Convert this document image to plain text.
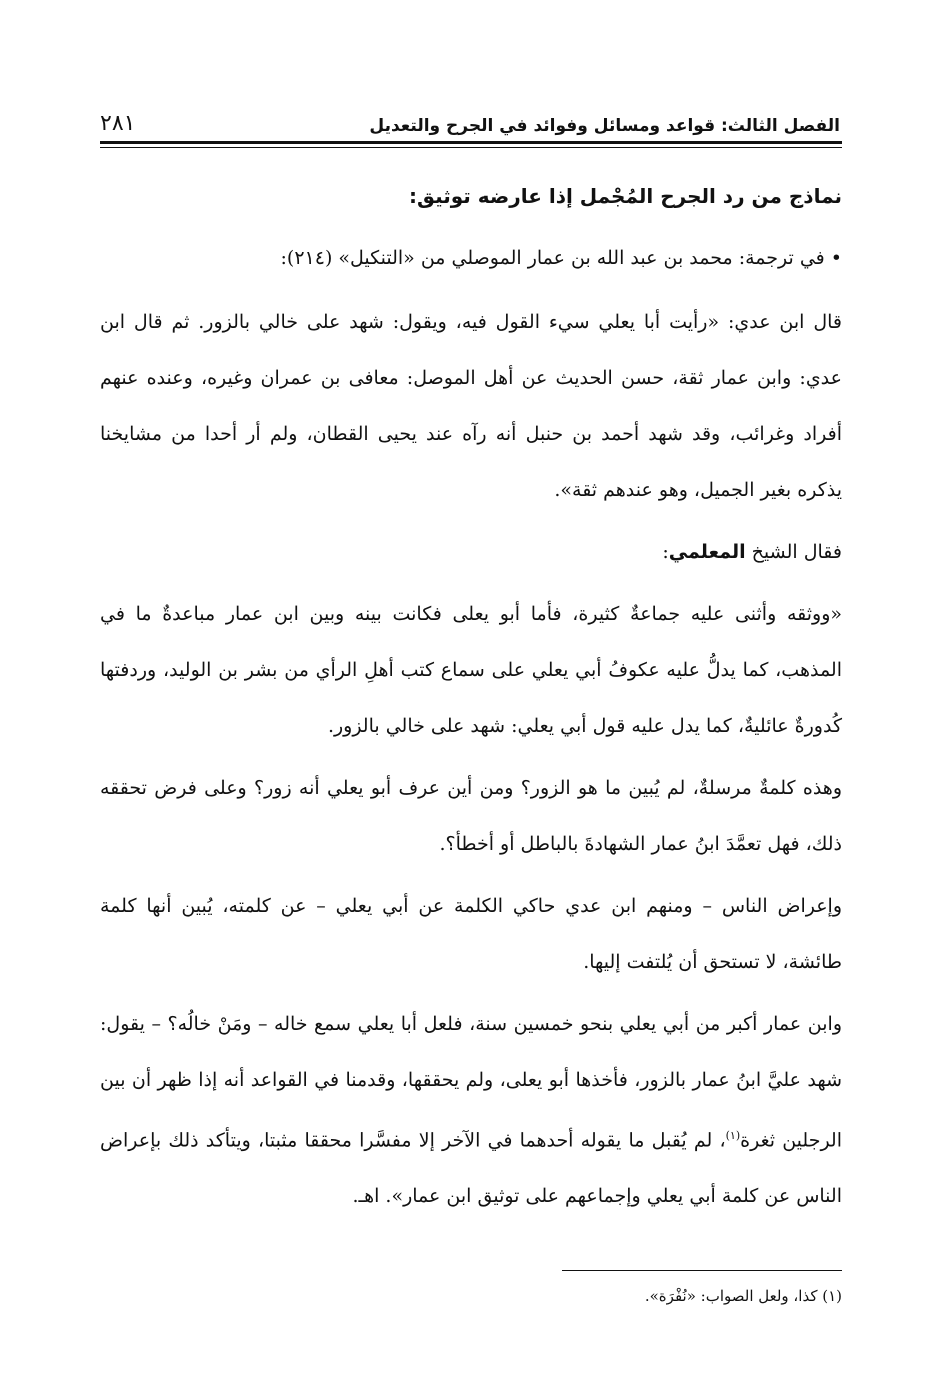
الفصل الثالث: قواعد ومسائل وفوائد في الجرح والتعديل
٢٨١
نماذج من رد الجرح المُجْمل إذا عارضه توثيق:

• في ترجمة: محمد بن عبد الله بن عمار الموصلي من «التنكيل» (٢١٤):

قال ابن عدي: «رأيت أبا يعلي سيء القول فيه، ويقول: شهد على خالي بالزور. ثم قال ابن عدي: وابن عمار ثقة، حسن الحديث عن أهل الموصل: معافى بن عمران وغيره، وعنده عنهم أفراد وغرائب، وقد شهد أحمد بن حنبل أنه رآه عند يحيى القطان، ولم أر أحدا من مشايخنا يذكره بغير الجميل، وهو عندهم ثقة».

فقال الشيخ المعلمي:

«ووثقه وأثنى عليه جماعةٌ كثيرة، فأما أبو يعلى فكانت بينه وبين ابن عمار مباعدةٌ ما في المذهب، كما يدلُّ عليه عكوفُ أبي يعلي على سماع كتب أهلِ الرأي من بشر بن الوليد، وردفتها كُدورةٌ عائليةٌ، كما يدل عليه قول أبي يعلي: شهد على خالي بالزور.

وهذه كلمةٌ مرسلةٌ، لم يُبين ما هو الزور؟ ومن أين عرف أبو يعلي أنه زور؟ وعلى فرض تحققه ذلك، فهل تعمَّدَ ابنُ عمار الشهادةَ بالباطل أو أخطأ؟.

وإعراض الناس – ومنهم ابن عدي حاكي الكلمة عن أبي يعلي – عن كلمته، يُبين أنها كلمة طائشة، لا تستحق أن يُلتفت إليها.

وابن عمار أكبر من أبي يعلي بنحو خمسين سنة، فلعل أبا يعلي سمع خاله – ومَنْ خالُه؟ – يقول: شهد عليَّ ابنُ عمار بالزور، فأخذها أبو يعلى، ولم يحققها، وقدمنا في القواعد أنه إذا ظهر أن بين الرجلين ثغرة$^{(١)}$، لم يُقبل ما يقوله أحدهما في الآخر إلا مفسَّرا محققا مثبتا، ويتأكد ذلك بإعراض الناس عن كلمة أبي يعلي وإجماعهم على توثيق ابن عمار». اهـ.

(١) كذا، ولعل الصواب: «نُفْرَة».
